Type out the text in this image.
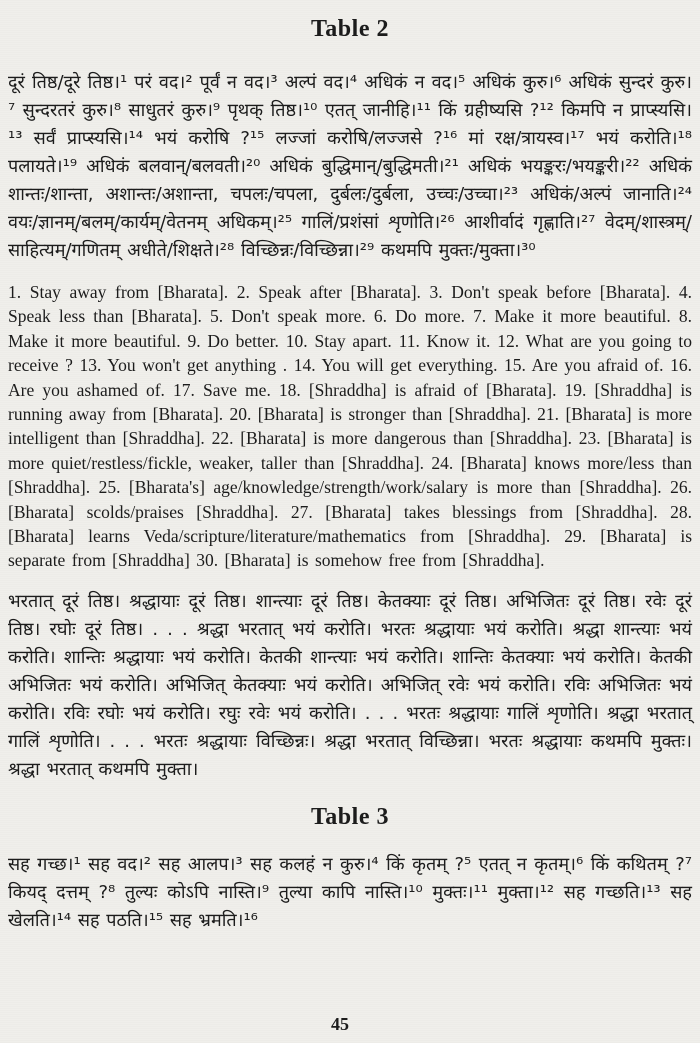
Table 2

दूरं तिष्ठ/दूरे तिष्ठ।¹ परं वद।² पूर्वं न वद।³ अल्पं वद।⁴ अधिकं न वद।⁵ अधिकं कुरु।⁶ अधिकं सुन्दरं कुरु।⁷ सुन्दरतरं कुरु।⁸ साधुतरं कुरु।⁹ पृथक् तिष्ठ।¹⁰ एतत् जानीहि।¹¹ किं ग्रहीष्यसि ?¹² किमपि न प्राप्स्यसि।¹³ सर्वं प्राप्स्यसि।¹⁴ भयं करोषि ?¹⁵ लज्जां करोषि/लज्जसे ?¹⁶ मां रक्ष/त्रायस्व।¹⁷ भयं करोति।¹⁸ पलायते।¹⁹ अधिकं बलवान्/बलवती।²⁰ अधिकं बुद्धिमान्/बुद्धिमती।²¹ अधिकं भयङ्करः/भयङ्करी।²² अधिकं शान्तः/शान्ता, अशान्तः/अशान्ता, चपलः/चपला, दुर्बलः/दुर्बला, उच्चः/उच्चा।²³ अधिकं/अल्पं जानाति।²⁴ वयः/ज्ञानम्/बलम्/कार्यम्/वेतनम् अधिकम्।²⁵ गालिं/प्रशंसां शृणोति।²⁶ आशीर्वादं गृह्णाति।²⁷ वेदम्/शास्त्रम्/साहित्यम्/गणितम् अधीते/शिक्षते।²⁸ विच्छिन्नः/विच्छिन्ना।²⁹ कथमपि मुक्तः/मुक्ता।³⁰

1. Stay away from [Bharata]. 2. Speak after [Bharata]. 3. Don't speak before [Bharata]. 4. Speak less than [Bharata]. 5. Don't speak more. 6. Do more. 7. Make it more beautiful. 8. Make it more beautiful. 9. Do better. 10. Stay apart. 11. Know it. 12. What are you going to receive ? 13. You won't get anything . 14. You will get everything. 15. Are you afraid of. 16. Are you ashamed of. 17. Save me. 18. [Shraddha] is afraid of [Bharata]. 19. [Shraddha] is running away from [Bharata]. 20. [Bharata] is stronger than [Shraddha]. 21. [Bharata] is more intelligent than [Shraddha]. 22. [Bharata] is more dangerous than [Shraddha]. 23. [Bharata] is more quiet/restless/fickle, weaker, taller than [Shraddha]. 24. [Bharata] knows more/less than [Shraddha]. 25. [Bharata's] age/knowledge/strength/work/salary is more than [Shraddha]. 26. [Bharata] scolds/praises [Shraddha]. 27. [Bharata] takes blessings from [Shraddha]. 28. [Bharata] learns Veda/scripture/literature/mathematics from [Shraddha]. 29. [Bharata] is separate from [Shraddha] 30. [Bharata] is somehow free from [Shraddha].

भरतात् दूरं तिष्ठ। श्रद्धायाः दूरं तिष्ठ। शान्त्याः दूरं तिष्ठ। केतक्याः दूरं तिष्ठ। अभिजितः दूरं तिष्ठ। रवेः दूरं तिष्ठ। रघोः दूरं तिष्ठ। . . . श्रद्धा भरतात् भयं करोति। भरतः श्रद्धायाः भयं करोति। श्रद्धा शान्त्याः भयं करोति। शान्तिः श्रद्धायाः भयं करोति। केतकी शान्त्याः भयं करोति। शान्तिः केतक्याः भयं करोति। केतकी अभिजितः भयं करोति। अभिजित् केतक्याः भयं करोति। अभिजित् रवेः भयं करोति। रविः अभिजितः भयं करोति। रविः रघोः भयं करोति। रघुः रवेः भयं करोति। . . . भरतः श्रद्धायाः गालिं शृणोति। श्रद्धा भरतात् गालिं शृणोति। . . . भरतः श्रद्धायाः विच्छिन्नः। श्रद्धा भरतात् विच्छिन्ना। भरतः श्रद्धायाः कथमपि मुक्तः। श्रद्धा भरतात् कथमपि मुक्ता।

Table 3

सह गच्छ।¹ सह वद।² सह आलप।³ सह कलहं न कुरु।⁴ किं कृतम् ?⁵ एतत् न कृतम्।⁶ किं कथितम् ?⁷ कियद् दत्तम् ?⁸ तुल्यः कोऽपि नास्ति।⁹ तुल्या कापि नास्ति।¹⁰ मुक्तः।¹¹ मुक्ता।¹² सह गच्छति।¹³ सह खेलति।¹⁴ सह पठति।¹⁵ सह भ्रमति।¹⁶

45
